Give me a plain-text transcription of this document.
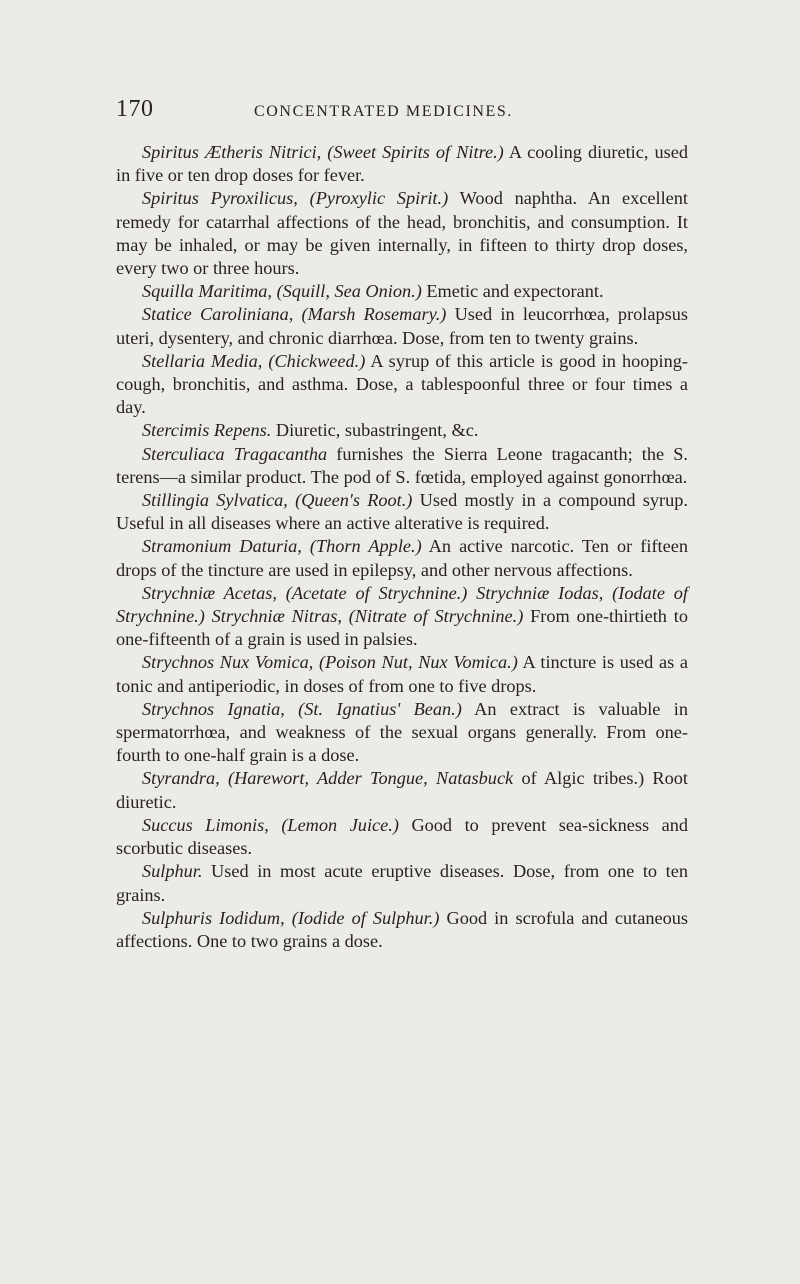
170	CONCENTRATED MEDICINES.

Spiritus Ætheris Nitrici, (Sweet Spirits of Nitre.) A cooling diuretic, used in five or ten drop doses for fever.

Spiritus Pyroxilicus, (Pyroxylic Spirit.) Wood naphtha. An excellent remedy for catarrhal affections of the head, bronchitis, and consumption. It may be inhaled, or may be given internally, in fifteen to thirty drop doses, every two or three hours.

Squilla Maritima, (Squill, Sea Onion.) Emetic and expectorant.

Statice Caroliniana, (Marsh Rosemary.) Used in leucorrhœa, prolapsus uteri, dysentery, and chronic diarrhœa. Dose, from ten to twenty grains.

Stellaria Media, (Chickweed.) A syrup of this article is good in hooping-cough, bronchitis, and asthma. Dose, a tablespoonful three or four times a day.

Stercimis Repens. Diuretic, subastringent, &c.

Sterculiaca Tragacantha furnishes the Sierra Leone tragacanth; the S. terens—a similar product. The pod of S. fœtida, employed against gonorrhœa.

Stillingia Sylvatica, (Queen's Root.) Used mostly in a compound syrup. Useful in all diseases where an active alterative is required.

Stramonium Daturia, (Thorn Apple.) An active narcotic. Ten or fifteen drops of the tincture are used in epilepsy, and other nervous affections.

Strychniæ Acetas, (Acetate of Strychnine.) Strychniæ Iodas, (Iodate of Strychnine.) Strychniæ Nitras, (Nitrate of Strychnine.) From one-thirtieth to one-fifteenth of a grain is used in palsies.

Strychnos Nux Vomica, (Poison Nut, Nux Vomica.) A tincture is used as a tonic and antiperiodic, in doses of from one to five drops.

Strychnos Ignatia, (St. Ignatius' Bean.) An extract is valuable in spermatorrhœa, and weakness of the sexual organs generally. From one-fourth to one-half grain is a dose.

Styrandra, (Harewort, Adder Tongue, Natasbuck of Algic tribes.) Root diuretic.

Succus Limonis, (Lemon Juice.) Good to prevent sea-sickness and scorbutic diseases.

Sulphur. Used in most acute eruptive diseases. Dose, from one to ten grains.

Sulphuris Iodidum, (Iodide of Sulphur.) Good in scrofula and cutaneous affections. One to two grains a dose.
